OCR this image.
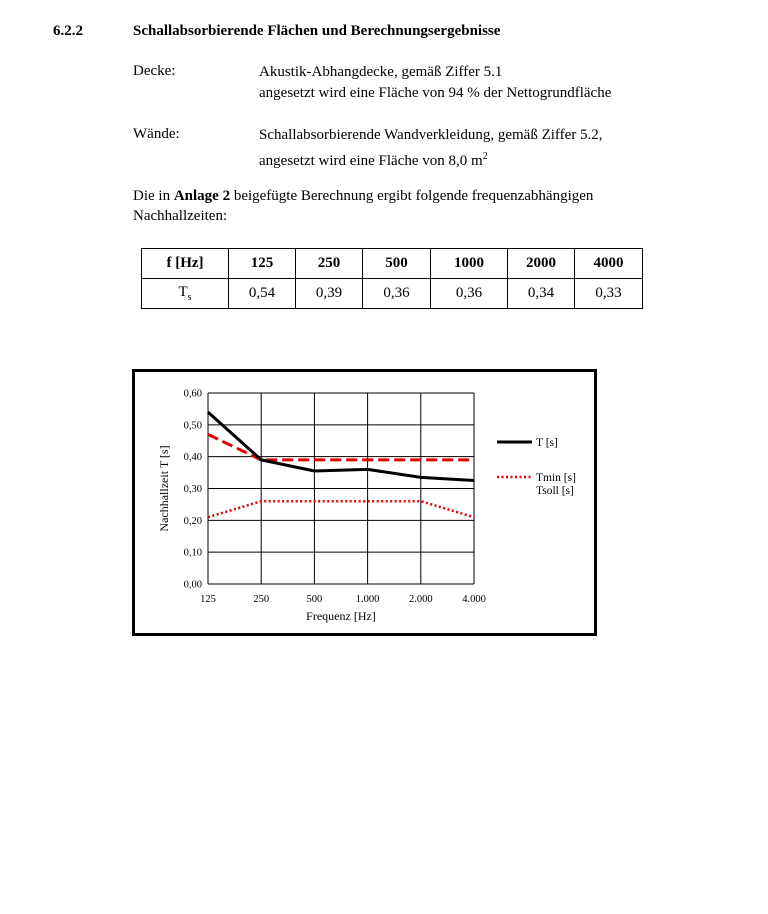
6.2.2	Schallabsorbierende Flächen und Berechnungsergebnisse
Decke:	Akustik-Abhangdecke, gemäß Ziffer 5.1
angesetzt wird eine Fläche von 94 % der Nettogrundfläche
Wände:	Schallabsorbierende Wandverkleidung, gemäß Ziffer 5.2,
angesetzt wird eine Fläche von 8,0 $m^2$
Die in Anlage 2 beigefügte Berechnung ergibt folgende frequenzabhängigen
Nachhallzeiten:
f [Hz]	125	250	500	1000	2000	4000
$T_s$	0,54	0,39	0,36	0,36	0,34	0,33
0,00
0,10
0,20
0,30
0,40
0,50
0,60
125	250	500	1.000	2.000	4.000
Frequenz [Hz]
Nachhallzeit T [s]
T [s]
Tmin [s]
Tsoll [s]
